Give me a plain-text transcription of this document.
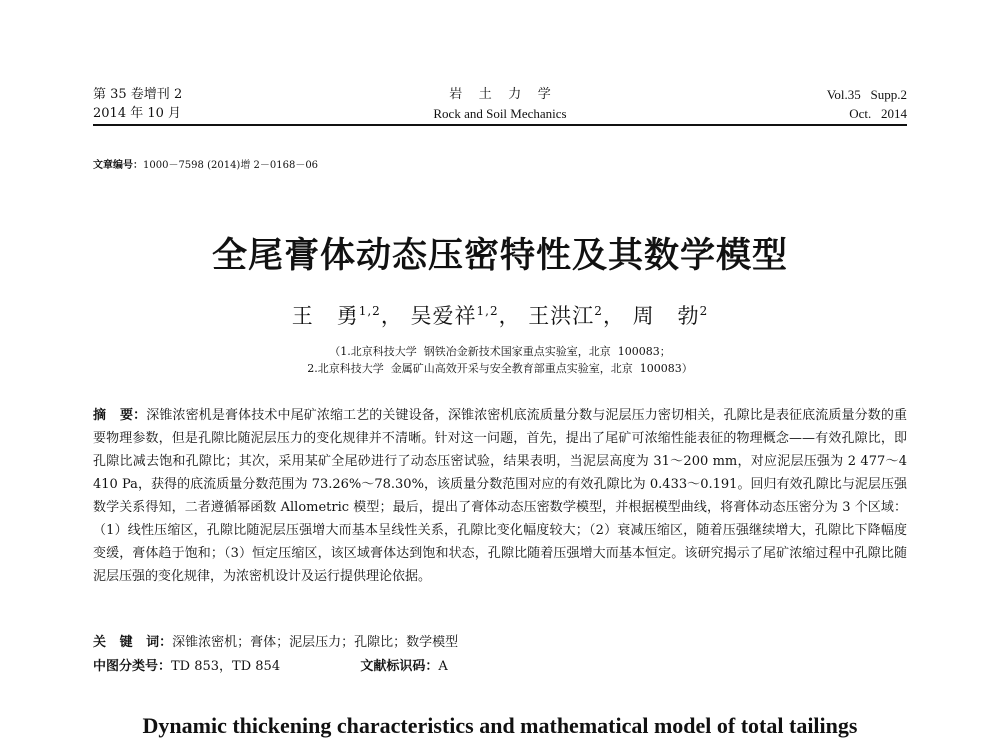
第 35 卷增刊 2
2014 年 10 月
岩    土    力    学
Rock and Soil Mechanics
Vol.35   Supp.2
Oct.   2014
文章编号：1000－7598 (2014)增 2－0168－06
全尾膏体动态压密特性及其数学模型
王   勇$^{1,2}$， 吴爱祥$^{1,2}$， 王洪江$^2$， 周   勃$^2$
（1.北京科技大学  钢铁冶金新技术国家重点实验室，北京  100083；
2.北京科技大学  金属矿山高效开采与安全教育部重点实验室，北京  100083）
摘   要：深锥浓密机是膏体技术中尾矿浓缩工艺的关键设备，深锥浓密机底流质量分数与泥层压力密切相关，孔隙比是表征底流质量分数的重要物理参数，但是孔隙比随泥层压力的变化规律并不清晰。针对这一问题，首先，提出了尾矿可浓缩性能表征的物理概念——有效孔隙比，即孔隙比减去饱和孔隙比；其次，采用某矿全尾砂进行了动态压密试验，结果表明，当泥层高度为 31～200 mm，对应泥层压强为 2 477～4 410 Pa，获得的底流质量分数范围为 73.26%～78.30%，该质量分数范围对应的有效孔隙比为 0.433～0.191。回归有效孔隙比与泥层压强数学关系得知，二者遵循幂函数 Allometric 模型；最后，提出了膏体动态压密数学模型，并根据模型曲线，将膏体动态压密分为 3 个区域：（1）线性压缩区，孔隙比随泥层压强增大而基本呈线性关系，孔隙比变化幅度较大；（2）衰减压缩区，随着压强继续增大，孔隙比下降幅度变缓，膏体趋于饱和；（3）恒定压缩区，该区域膏体达到饱和状态，孔隙比随着压强增大而基本恒定。该研究揭示了尾矿浓缩过程中孔隙比随泥层压强的变化规律，为浓密机设计及运行提供理论依据。
关   键   词：深锥浓密机；膏体；泥层压力；孔隙比；数学模型
中图分类号：TD 853，TD 854	文献标识码：A
Dynamic thickening characteristics and mathematical model of total tailings
